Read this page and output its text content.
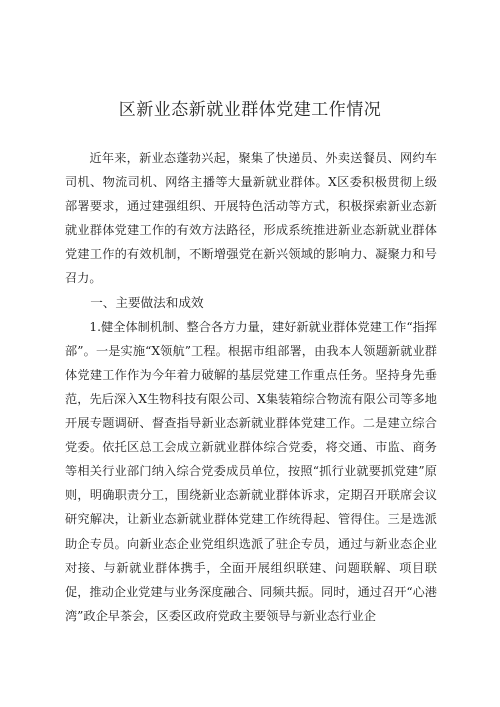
区新业态新就业群体党建工作情况

近年来，新业态蓬勃兴起，聚集了快递员、外卖送餐员、网约车司机、物流司机、网络主播等大量新就业群体。X区委积极贯彻上级部署要求，通过建强组织、开展特色活动等方式，积极探索新业态新就业群体党建工作的有效方法路径，形成系统推进新业态新就业群体党建工作的有效机制，不断增强党在新兴领域的影响力、凝聚力和号召力。

一、主要做法和成效

1.健全体制机制、整合各方力量，建好新就业群体党建工作“指挥部”。一是实施“X领航”工程。根据市组部署，由我本人领题新就业群体党建工作作为今年着力破解的基层党建工作重点任务。坚持身先垂范，先后深入X生物科技有限公司、X集装箱综合物流有限公司等多地开展专题调研、督查指导新业态新就业群体党建工作。二是建立综合党委。依托区总工会成立新就业群体综合党委，将交通、市监、商务等相关行业部门纳入综合党委成员单位，按照“抓行业就要抓党建”原则，明确职责分工，围绕新业态新就业群体诉求，定期召开联席会议研究解决，让新业态新就业群体党建工作统得起、管得住。三是选派助企专员。向新业态企业党组织选派了驻企专员，通过与新业态企业对接、与新就业群体携手，全面开展组织联建、问题联解、项目联促，推动企业党建与业务深度融合、同频共振。同时，通过召开“心港湾”政企早茶会，区委区政府党政主要领导与新业态行业企
